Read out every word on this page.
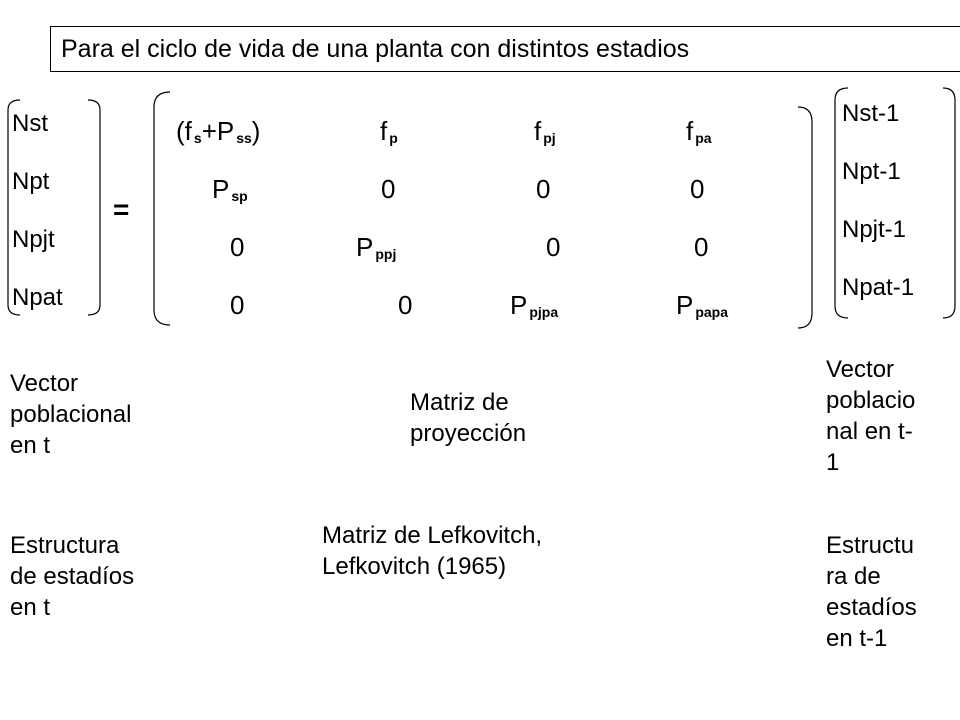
Para el ciclo de vida de una planta con distintos estadios
Nst
Npt
Npjt
Npat
=
(f $_s$+P $_{ss}$)	f $_p$	f $_{pj}$	f $_{pa}$
P $_{sp}$	0	0	0
0	P $_{ppj}$	0	0
0	0	P $_{pjpa}$	P $_{papa}$
Nst-1
Npt-1
Npjt-1
Npat-1
Vector
poblacional
en t
Matriz de
proyección
Vector
poblacio
nal en t-
1
Estructura
de estadíos
en t
Matriz de Lefkovitch,
Lefkovitch (1965)
Estructu
ra de
estadíos
en t-1
